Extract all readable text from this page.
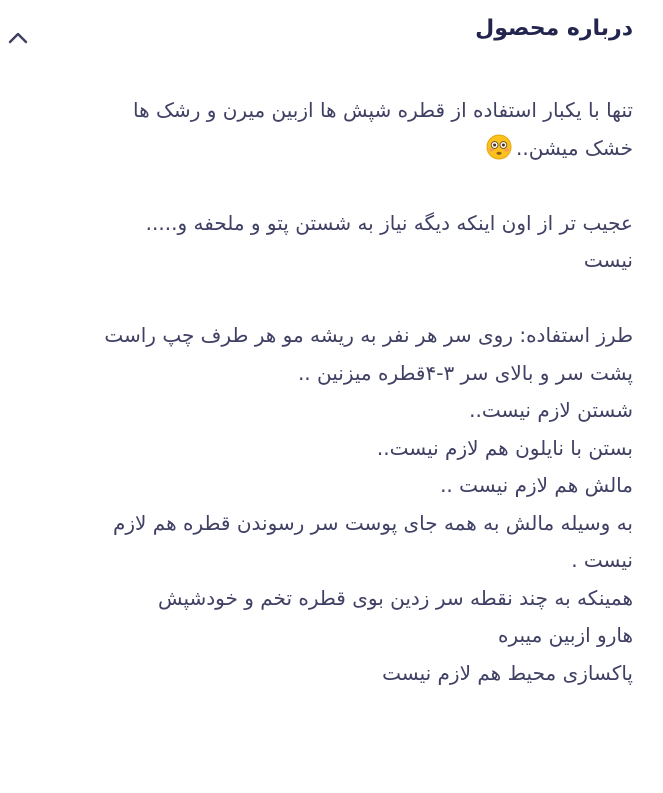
درباره محصول
تنها با یکبار استفاده از قطره شپش ها ازبین میرن و رشک ها
خشک میشن..
عجیب تر از اون اینکه دیگه نیاز به شستن پتو و ملحفه و.....
نیست
طرز استفاده: روی سر هر نفر به ریشه مو هر طرف چپ راست
پشت سر و بالای سر ۳-۴قطره میزنین ..
شستن لازم نیست..
بستن با نایلون هم لازم نیست..
مالش هم لازم نیست ..
به وسیله مالش به همه جای پوست سر رسوندن قطره هم لازم
نیست .
همینکه به چند نقطه سر زدین بوی قطره تخم و خودشپش
هارو ازبین میبره
پاکسازی محیط هم لازم نیست
